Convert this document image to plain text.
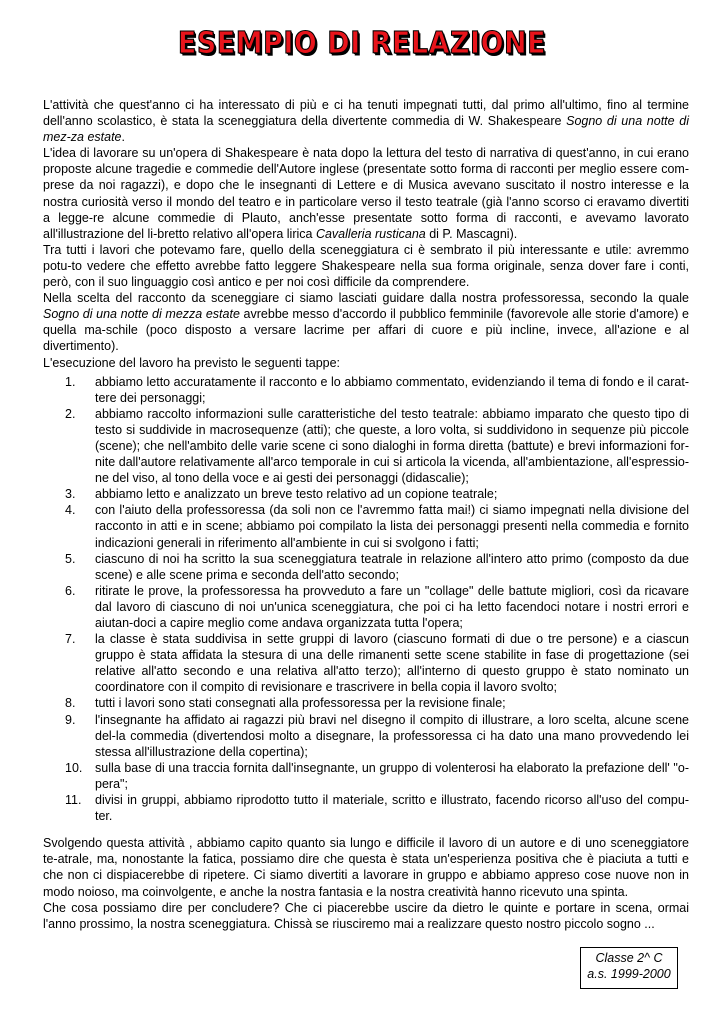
ESEMPIO DI RELAZIONE

L'attività che quest'anno ci ha interessato di più e ci ha tenuti impegnati tutti, dal primo all'ultimo, fino al termine dell'anno scolastico, è stata la sceneggiatura della divertente commedia di W. Shakespeare Sogno di una notte di mez-za estate.

L'idea di lavorare su un'opera di Shakespeare è nata dopo la lettura del testo di narrativa di quest'anno, in cui erano proposte alcune tragedie e commedie dell'Autore inglese (presentate sotto forma di racconti per meglio essere com-prese da noi ragazzi), e dopo che le insegnanti di Lettere e di Musica avevano suscitato il nostro interesse e la nostra curiosità verso il mondo del teatro e in particolare verso il testo teatrale (già l'anno scorso ci eravamo divertiti a legge-re alcune commedie di Plauto, anch'esse presentate sotto forma di racconti, e avevamo lavorato all'illustrazione del li-bretto relativo all'opera lirica Cavalleria rusticana di P. Mascagni).

Tra tutti i lavori che potevamo fare, quello della sceneggiatura ci è sembrato il più interessante e utile: avremmo potu-to vedere che effetto avrebbe fatto leggere Shakespeare nella sua forma originale, senza dover fare i conti, però, con il suo linguaggio così antico e per noi così difficile da comprendere.

Nella scelta del racconto da sceneggiare ci siamo lasciati guidare dalla nostra professoressa, secondo la quale Sogno di una notte di mezza estate avrebbe messo d'accordo il pubblico femminile (favorevole alle storie d'amore) e quella ma-schile (poco disposto a versare lacrime per affari di cuore e più incline, invece, all'azione e al divertimento).

L'esecuzione del lavoro ha previsto le seguenti tappe:

1.	abbiamo letto accuratamente il racconto e lo abbiamo commentato, evidenziando il tema di fondo e il carat-tere dei personaggi;
2.	abbiamo raccolto informazioni sulle caratteristiche del testo teatrale: abbiamo imparato che questo tipo di testo si suddivide in macrosequenze (atti); che queste, a loro volta, si suddividono in sequenze più piccole (scene); che nell'ambito delle varie scene ci sono dialoghi in forma diretta (battute) e brevi informazioni for-nite dall'autore relativamente all'arco temporale in cui si articola la vicenda, all'ambientazione, all'espressio-ne del viso, al tono della voce e ai gesti dei personaggi (didascalie);
3.	abbiamo letto e analizzato un breve testo relativo ad un copione teatrale;
4.	con l'aiuto della professoressa (da soli non ce l'avremmo fatta mai!) ci siamo impegnati nella divisione del racconto in atti e in scene; abbiamo poi compilato la lista dei personaggi presenti nella commedia e fornito indicazioni generali in riferimento all'ambiente in cui si svolgono i fatti;
5.	ciascuno di noi ha scritto la sua sceneggiatura teatrale in relazione all'intero atto primo (composto da due scene) e alle scene prima e seconda dell'atto secondo;
6.	ritirate le prove, la professoressa ha provveduto a fare un "collage" delle battute migliori, così da ricavare dal lavoro di ciascuno di noi un'unica sceneggiatura, che poi ci ha letto facendoci notare i nostri errori e aiutan-doci a capire meglio come andava organizzata tutta l'opera;
7.	la classe è stata suddivisa in sette gruppi di lavoro (ciascuno formati di due o tre persone) e a ciascun gruppo è stata affidata la stesura di una delle rimanenti sette scene stabilite in fase di progettazione (sei relative all'atto secondo e una relativa all'atto terzo); all'interno di questo gruppo è stato nominato un coordinatore con il compito di revisionare e trascrivere in bella copia il lavoro svolto;
8.	tutti i lavori sono stati consegnati alla professoressa per la revisione finale;
9.	l'insegnante ha affidato ai ragazzi più bravi nel disegno il compito di illustrare, a loro scelta, alcune scene del-la commedia (divertendosi molto a disegnare, la professoressa ci ha dato una mano provvedendo lei stessa all'illustrazione della copertina);
10.	sulla base di una traccia fornita dall'insegnante, un gruppo di volenterosi ha elaborato la prefazione dell' "o-pera";
11.	divisi in gruppi, abbiamo riprodotto tutto il materiale, scritto e illustrato, facendo ricorso all'uso del compu-ter.

Svolgendo questa attività , abbiamo capito quanto sia lungo e difficile il lavoro di un autore e di uno sceneggiatore te-atrale, ma, nonostante la fatica, possiamo dire che questa è stata un'esperienza positiva che è piaciuta a tutti e che non ci dispiacerebbe di ripetere. Ci siamo divertiti a lavorare in gruppo e abbiamo appreso cose nuove non in modo noioso, ma coinvolgente, e anche la nostra fantasia e la nostra creatività hanno ricevuto una spinta.

Che cosa possiamo dire per concludere? Che ci piacerebbe uscire da dietro le quinte e portare in scena, ormai l'anno prossimo, la nostra sceneggiatura. Chissà se riusciremo mai a realizzare questo nostro piccolo sogno ...

Classe 2^ C
a.s. 1999-2000
